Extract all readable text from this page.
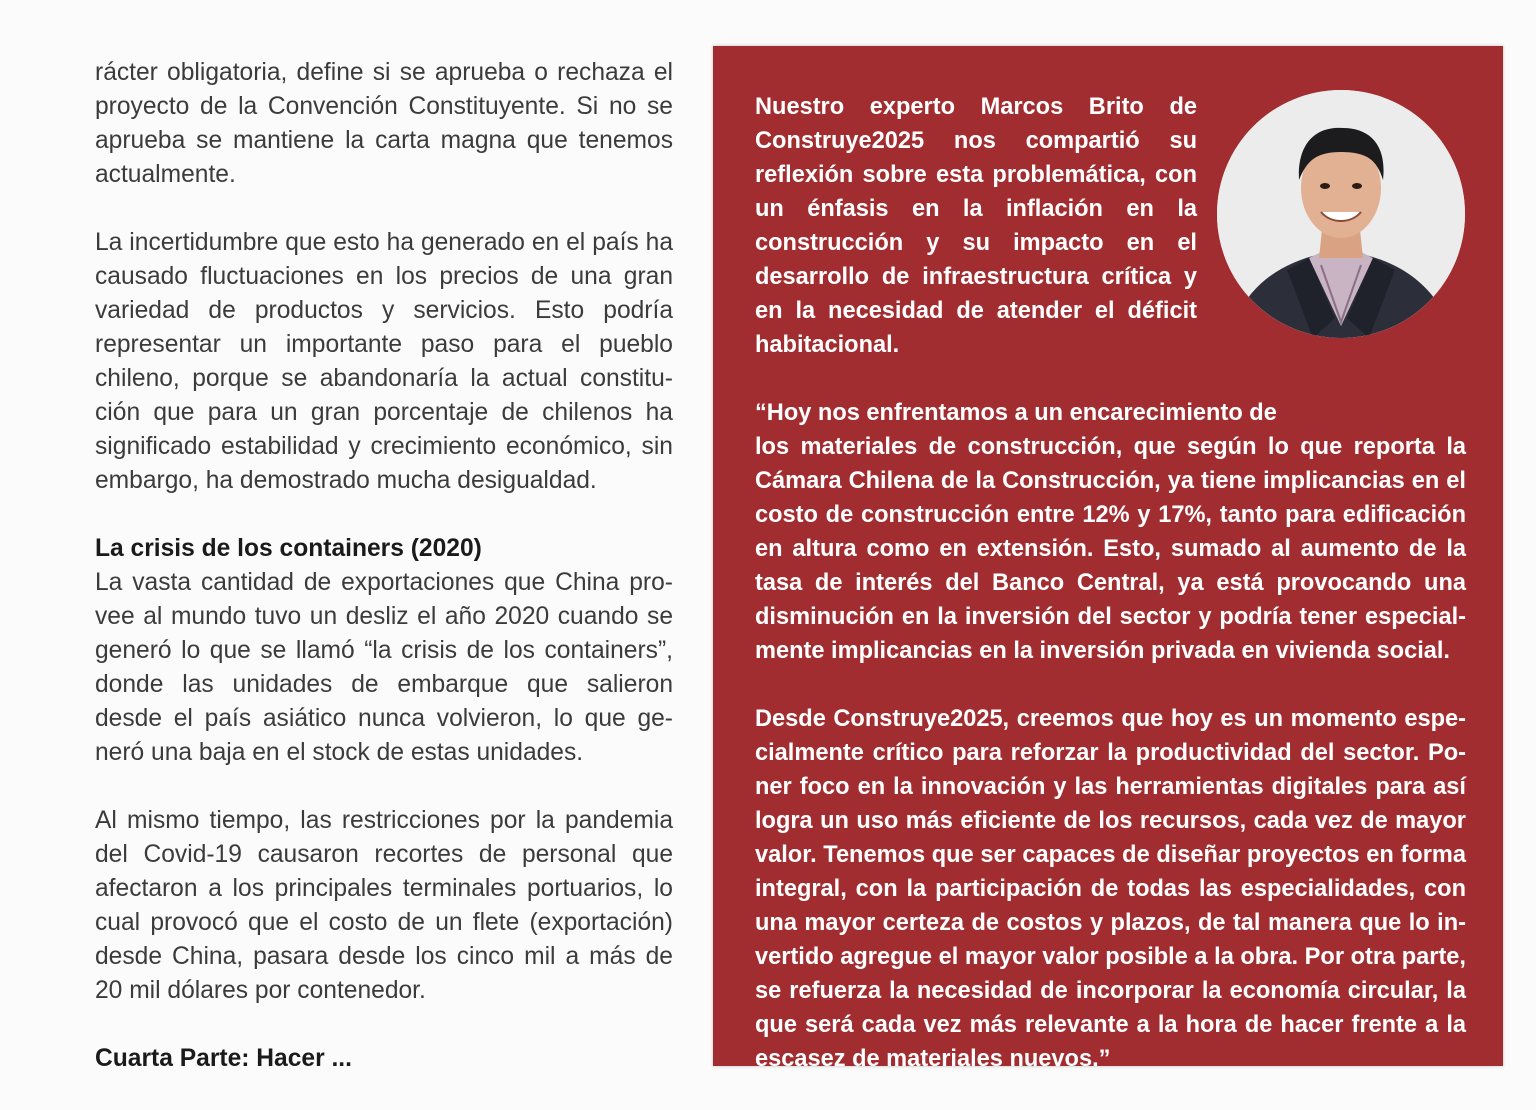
rácter obligatoria, define si se aprueba o rechaza el proyecto de la Convención Constituyente. Si no se aprueba se mantiene la carta magna que tenemos actualmente.

La incertidumbre que esto ha generado en el país ha causado fluctuaciones en los precios de una gran variedad de productos y servicios. Esto podría representar un importante paso para el pueblo chileno, porque se abandonaría la actual constitución que para un gran porcentaje de chilenos ha significado estabilidad y crecimiento económico, sin embargo, ha demostrado mucha desigualdad.

La crisis de los containers (2020)

La vasta cantidad de exportaciones que China provee al mundo tuvo un desliz el año 2020 cuando se generó lo que se llamó “la crisis de los containers”, donde las unidades de embarque que salieron desde el país asiático nunca volvieron, lo que generó una baja en el stock de estas unidades.

Al mismo tiempo, las restricciones por la pandemia del Covid-19 causaron recortes de personal que afectaron a los principales terminales portuarios, lo cual provocó que el costo de un flete (exportación) desde China, pasara desde los cinco mil a más de 20 mil dólares por contenedor.

Cuarta Parte: Hacer ...

Nuestro experto Marcos Brito de Construye2025 nos compartió su reflexión sobre esta problemática, con un énfasis en la inflación en la construcción y su impacto en el desarrollo de infraestructura crítica y en la necesidad de atender el déficit habitacional.

“Hoy nos enfrentamos a un encarecimiento de

los materiales de construcción, que según lo que reporta la Cámara Chilena de la Construcción, ya tiene implicancias en el costo de construcción entre 12% y 17%, tanto para edificación en altura como en extensión. Esto, sumado al aumento de la tasa de interés del Banco Central, ya está provocando una disminución en la inversión del sector y podría tener especialmente implicancias en la inversión privada en vivienda social.

Desde Construye2025, creemos que hoy es un momento especialmente crítico para reforzar la productividad del sector. Poner foco en la innovación y las herramientas digitales para así logra un uso más eficiente de los recursos, cada vez de mayor valor. Tenemos que ser capaces de diseñar proyectos en forma integral, con la participación de todas las especialidades, con una mayor certeza de costos y plazos, de tal manera que lo invertido agregue el mayor valor posible a la obra. Por otra parte, se refuerza la necesidad de incorporar la economía circular, la que será cada vez más relevante a la hora de hacer frente a la escasez de materiales nuevos.”
